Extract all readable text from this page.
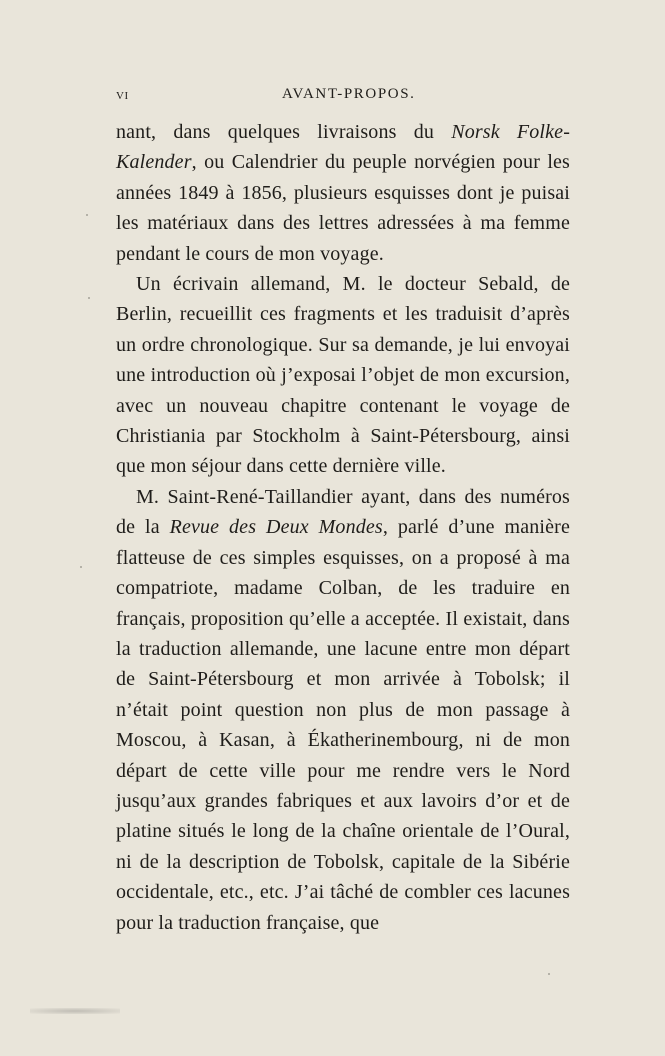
VI	AVANT-PROPOS.

nant, dans quelques livraisons du Norsk Folke-Kalender, ou Calendrier du peuple norvégien pour les années 1849 à 1856, plusieurs esquisses dont je puisai les matériaux dans des lettres adressées à ma femme pendant le cours de mon voyage.

Un écrivain allemand, M. le docteur Sebald, de Berlin, recueillit ces fragments et les traduisit d’après un ordre chronologique. Sur sa demande, je lui envoyai une introduction où j’exposai l’objet de mon excursion, avec un nouveau chapitre contenant le voyage de Christiania par Stockholm à Saint-Pétersbourg, ainsi que mon séjour dans cette dernière ville.

M. Saint-René-Taillandier ayant, dans des numéros de la Revue des Deux Mondes, parlé d’une manière flatteuse de ces simples esquisses, on a proposé à ma compatriote, madame Colban, de les traduire en français, proposition qu’elle a acceptée. Il existait, dans la traduction allemande, une lacune entre mon départ de Saint-Pétersbourg et mon arrivée à Tobolsk; il n’était point question non plus de mon passage à Moscou, à Kasan, à Ékatherinembourg, ni de mon départ de cette ville pour me rendre vers le Nord jusqu’aux grandes fabriques et aux lavoirs d’or et de platine situés le long de la chaîne orientale de l’Oural, ni de la description de Tobolsk, capitale de la Sibérie occidentale, etc., etc. J’ai tâché de combler ces lacunes pour la traduction française, que
